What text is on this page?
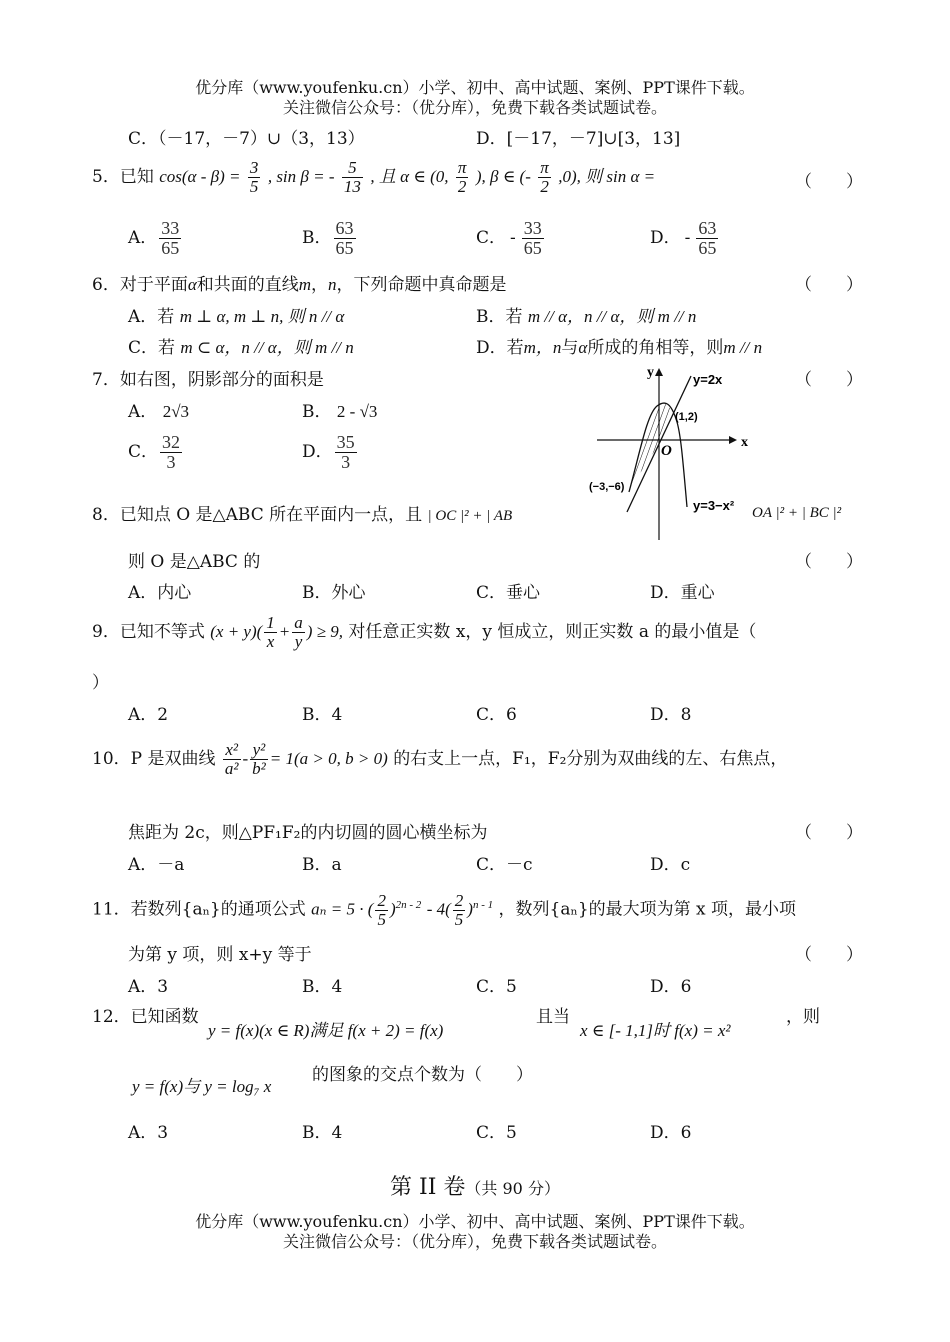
优分库（www.youfenku.cn）小学、初中、高中试题、案例、PPT课件下载。
关注微信公众号：（优分库），免费下载各类试题试卷。
C．（－17，－7）∪（3，13）	D．[－17，－7]∪[3，13]
5．已知 $\cos(\alpha - \beta) = \frac{3}{5}$ , sin β = - $\frac{5}{13}$ , 且 α ∈ (0, $\frac{\pi}{2}$ ), β ∈ (- $\frac{\pi}{2} ,0$), 则 sin α =	（　　）
A． $\frac{33}{65}$	B． $\frac{63}{65}$	C． - $\frac{33}{65}$	D． - $\frac{63}{65}$
6．对于平面α和共面的直线m，n，下列命题中真命题是	（　　）
A．若 m ⊥ α, m ⊥ n, 则 n // α	B．若 m // α，n // α，则 m // n
C．若 m ⊂ α，n // α，则 m // n	D．若m，n与α所成的角相等，则m // n
7．如右图，阴影部分的面积是	（　　）
A． 2√3	B． 2 - √3
C． $\frac{32}{3}$	D． $\frac{35}{3}$
y
x
O
y=2x
(1,2)
(−3,−6)
y=3−x²
8．已知点 O 是△ABC 所在平面内一点，且 | OC |² + | AB	OA |² + | BC |²
则 O 是△ABC 的	（　　）
A．内心	B．外心	C．垂心	D．重心
9．已知不等式 $(x + y)( \frac{1}{x} + \frac{a}{y}$ ) ≥ 9, 对任意正实数 x，y 恒成立，则正实数 a 的最小值是（
）
A．2	B．4	C．6	D．8
10．P 是双曲线 $\frac{\text{x²}}{\text{a²}} - \frac{\text{y²}}{\text{b²}} = 1(a > 0$, b > 0) 的右支上一点，F₁，F₂分别为双曲线的左、右焦点，
焦距为 2c，则△PF₁F₂的内切圆的圆心横坐标为	（　　）
A．－a	B．a	C．－c	D．c
11．若数列{aₙ}的通项公式 aₙ = 5 · ( $\frac{2}{5} )^{2n - 2} - 4( \frac{2}{5} )^{n - 1}$ ，数列{aₙ}的最大项为第 x 项，最小项
为第 y 项，则 x+y 等于	（　　）
A．3	B．4	C．5	D．6
12．已知函数
y = f(x)(x ∈ R)满足 f(x + 2) = f(x)
且当
x ∈ [- 1,1]时 f(x) = x²
，则
y = f(x)与 y = log₇ x
的图象的交点个数为（　　）
A．3	B．4	C．5	D．6
第 II 卷（共 90 分）
优分库（www.youfenku.cn）小学、初中、高中试题、案例、PPT课件下载。
关注微信公众号：（优分库），免费下载各类试题试卷。
